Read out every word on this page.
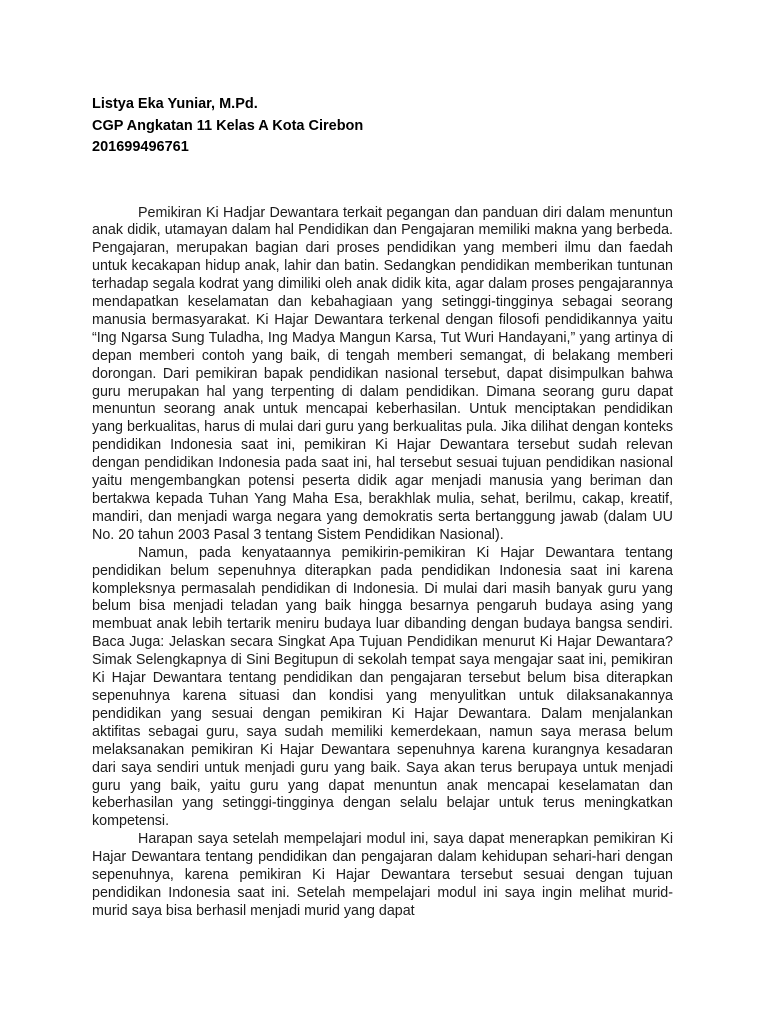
Listya Eka Yuniar, M.Pd.
CGP Angkatan 11 Kelas A Kota Cirebon
201699496761

Pemikiran Ki Hadjar Dewantara terkait pegangan dan panduan diri dalam menuntun anak didik, utamayan dalam hal Pendidikan dan Pengajaran memiliki makna yang berbeda. Pengajaran, merupakan bagian dari proses pendidikan yang memberi ilmu dan faedah untuk kecakapan hidup anak, lahir dan batin. Sedangkan pendidikan memberikan tuntunan terhadap segala kodrat yang dimiliki oleh anak didik kita, agar dalam proses pengajarannya mendapatkan keselamatan dan kebahagiaan yang setinggi-tingginya sebagai seorang manusia bermasyarakat. Ki Hajar Dewantara terkenal dengan filosofi pendidikannya yaitu “Ing Ngarsa Sung Tuladha, Ing Madya Mangun Karsa, Tut Wuri Handayani,” yang artinya di depan memberi contoh yang baik, di tengah memberi semangat, di belakang memberi dorongan. Dari pemikiran bapak pendidikan nasional tersebut, dapat disimpulkan bahwa guru merupakan hal yang terpenting di dalam pendidikan. Dimana seorang guru dapat menuntun seorang anak untuk mencapai keberhasilan. Untuk menciptakan pendidikan yang berkualitas, harus di mulai dari guru yang berkualitas pula. Jika dilihat dengan konteks pendidikan Indonesia saat ini, pemikiran Ki Hajar Dewantara tersebut sudah relevan dengan pendidikan Indonesia pada saat ini, hal tersebut sesuai tujuan pendidikan nasional yaitu mengembangkan potensi peserta didik agar menjadi manusia yang beriman dan bertakwa kepada Tuhan Yang Maha Esa, berakhlak mulia, sehat, berilmu, cakap, kreatif, mandiri, dan menjadi warga negara yang demokratis serta bertanggung jawab (dalam UU No. 20 tahun 2003 Pasal 3 tentang Sistem Pendidikan Nasional).

Namun, pada kenyataannya pemikirin-pemikiran Ki Hajar Dewantara tentang pendidikan belum sepenuhnya diterapkan pada pendidikan Indonesia saat ini karena kompleksnya permasalah pendidikan di Indonesia. Di mulai dari masih banyak guru yang belum bisa menjadi teladan yang baik hingga besarnya pengaruh budaya asing yang membuat anak lebih tertarik meniru budaya luar dibanding dengan budaya bangsa sendiri. Baca Juga: Jelaskan secara Singkat Apa Tujuan Pendidikan menurut Ki Hajar Dewantara? Simak Selengkapnya di Sini Begitupun di sekolah tempat saya mengajar saat ini, pemikiran Ki Hajar Dewantara tentang pendidikan dan pengajaran tersebut belum bisa diterapkan sepenuhnya karena situasi dan kondisi yang menyulitkan untuk dilaksanakannya pendidikan yang sesuai dengan pemikiran Ki Hajar Dewantara. Dalam menjalankan aktifitas sebagai guru, saya sudah memiliki kemerdekaan, namun saya merasa belum melaksanakan pemikiran Ki Hajar Dewantara sepenuhnya karena kurangnya kesadaran dari saya sendiri untuk menjadi guru yang baik. Saya akan terus berupaya untuk menjadi guru yang baik, yaitu guru yang dapat menuntun anak mencapai keselamatan dan keberhasilan yang setinggi-tingginya dengan selalu belajar untuk terus meningkatkan kompetensi.

Harapan saya setelah mempelajari modul ini, saya dapat menerapkan pemikiran Ki Hajar Dewantara tentang pendidikan dan pengajaran dalam kehidupan sehari-hari dengan sepenuhnya, karena pemikiran Ki Hajar Dewantara tersebut sesuai dengan tujuan pendidikan Indonesia saat ini. Setelah mempelajari modul ini saya ingin melihat murid-murid saya bisa berhasil menjadi murid yang dapat
